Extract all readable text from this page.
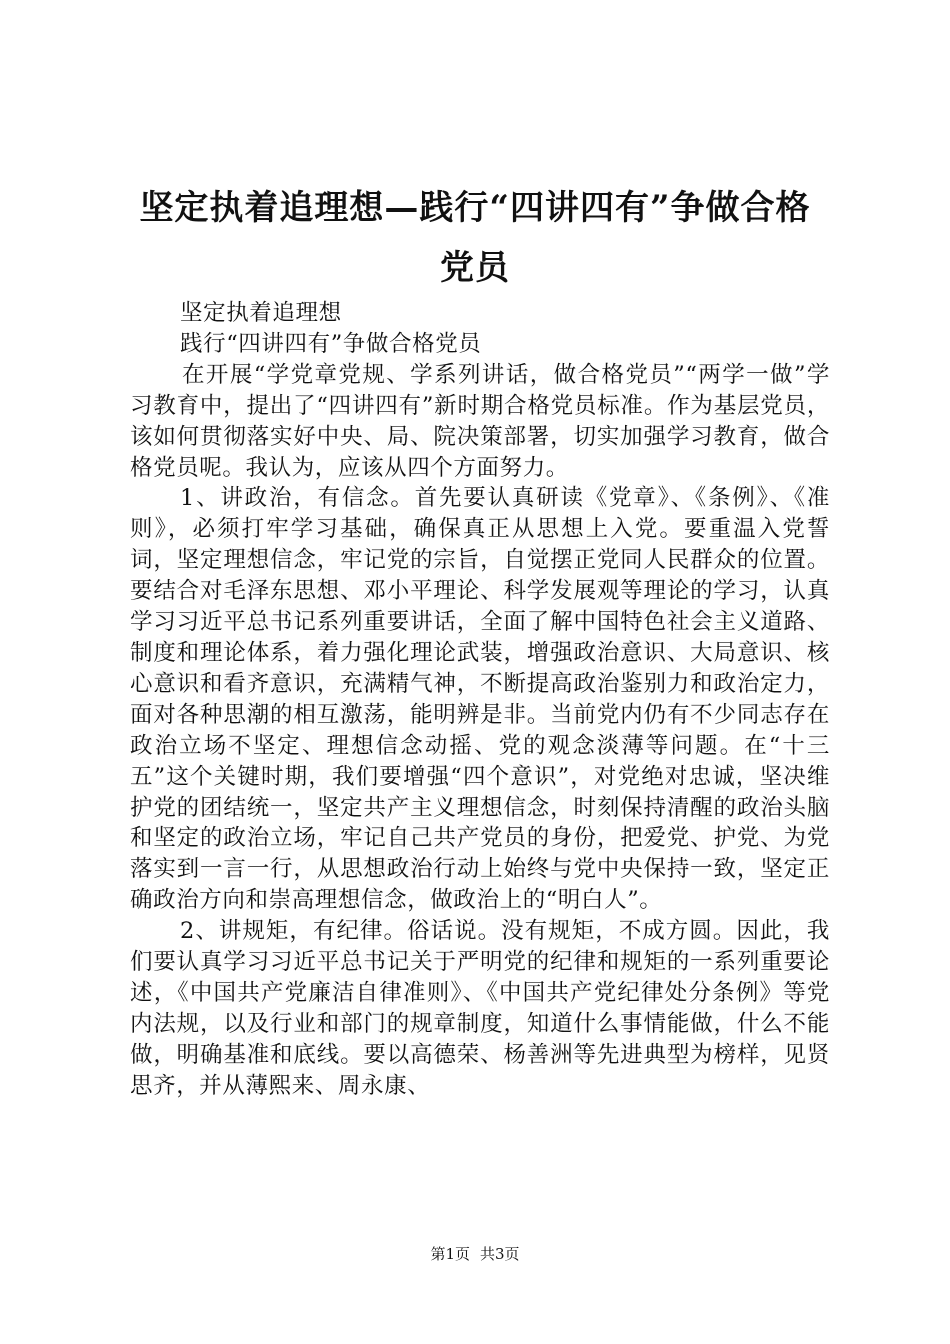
坚定执着追理想—践行“四讲四有”争做合格
党员

坚定执着追理想

践行“四讲四有”争做合格党员

在开展“学党章党规、学系列讲话，做合格党员”“两学一做”学习教育中，提出了“四讲四有”新时期合格党员标准。作为基层党员，该如何贯彻落实好中央、局、院决策部署，切实加强学习教育，做合格党员呢。我认为，应该从四个方面努力。

1、讲政治，有信念。首先要认真研读《党章》、《条例》、《准则》，必须打牢学习基础，确保真正从思想上入党。要重温入党誓词，坚定理想信念，牢记党的宗旨，自觉摆正党同人民群众的位置。要结合对毛泽东思想、邓小平理论、科学发展观等理论的学习，认真学习习近平总书记系列重要讲话，全面了解中国特色社会主义道路、制度和理论体系，着力强化理论武装，增强政治意识、大局意识、核心意识和看齐意识，充满精气神，不断提高政治鉴别力和政治定力，面对各种思潮的相互激荡，能明辨是非。当前党内仍有不少同志存在政治立场不坚定、理想信念动摇、党的观念淡薄等问题。在“十三五”这个关键时期，我们要增强“四个意识”，对党绝对忠诚，坚决维护党的团结统一，坚定共产主义理想信念，时刻保持清醒的政治头脑和坚定的政治立场，牢记自己共产党员的身份，把爱党、护党、为党落实到一言一行，从思想政治行动上始终与党中央保持一致，坚定正确政治方向和崇高理想信念，做政治上的“明白人”。

2、讲规矩，有纪律。俗话说。没有规矩，不成方圆。因此，我们要认真学习习近平总书记关于严明党的纪律和规矩的一系列重要论述，《中国共产党廉洁自律准则》、《中国共产党纪律处分条例》等党内法规，以及行业和部门的规章制度，知道什么事情能做，什么不能做，明确基准和底线。要以高德荣、杨善洲等先进典型为榜样，见贤思齐，并从薄熙来、周永康、

第1页 共3页
